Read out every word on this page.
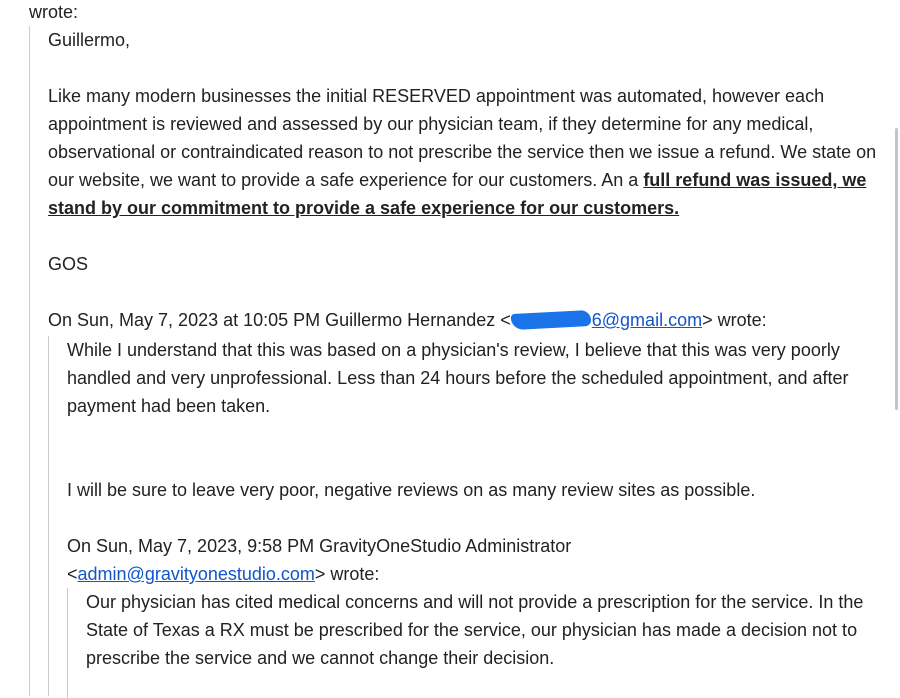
wrote:

Guillermo,

Like many modern businesses the initial RESERVED appointment was automated, however each appointment is reviewed and assessed by our physician team, if they determine for any medical, observational or contraindicated reason to not prescribe the service then we issue a refund. We state on our website, we want to provide a safe experience for our customers. An a full refund was issued, we stand by our commitment to provide a safe experience for our customers.

GOS

On Sun, May 7, 2023 at 10:05 PM Guillermo Hernandez <	6@gmail.com> wrote:

While I understand that this was based on a physician's review, I believe that this was very poorly handled and very unprofessional. Less than 24 hours before the scheduled appointment, and after payment had been taken.

I will be sure to leave very poor, negative reviews on as many review sites as possible.

On Sun, May 7, 2023, 9:58 PM GravityOneStudio Administrator

<admin@gravityonestudio.com> wrote:

Our physician has cited medical concerns and will not provide a prescription for the service. In the State of Texas a RX must be prescribed for the service, our physician has made a decision not to prescribe the service and we cannot change their decision.
